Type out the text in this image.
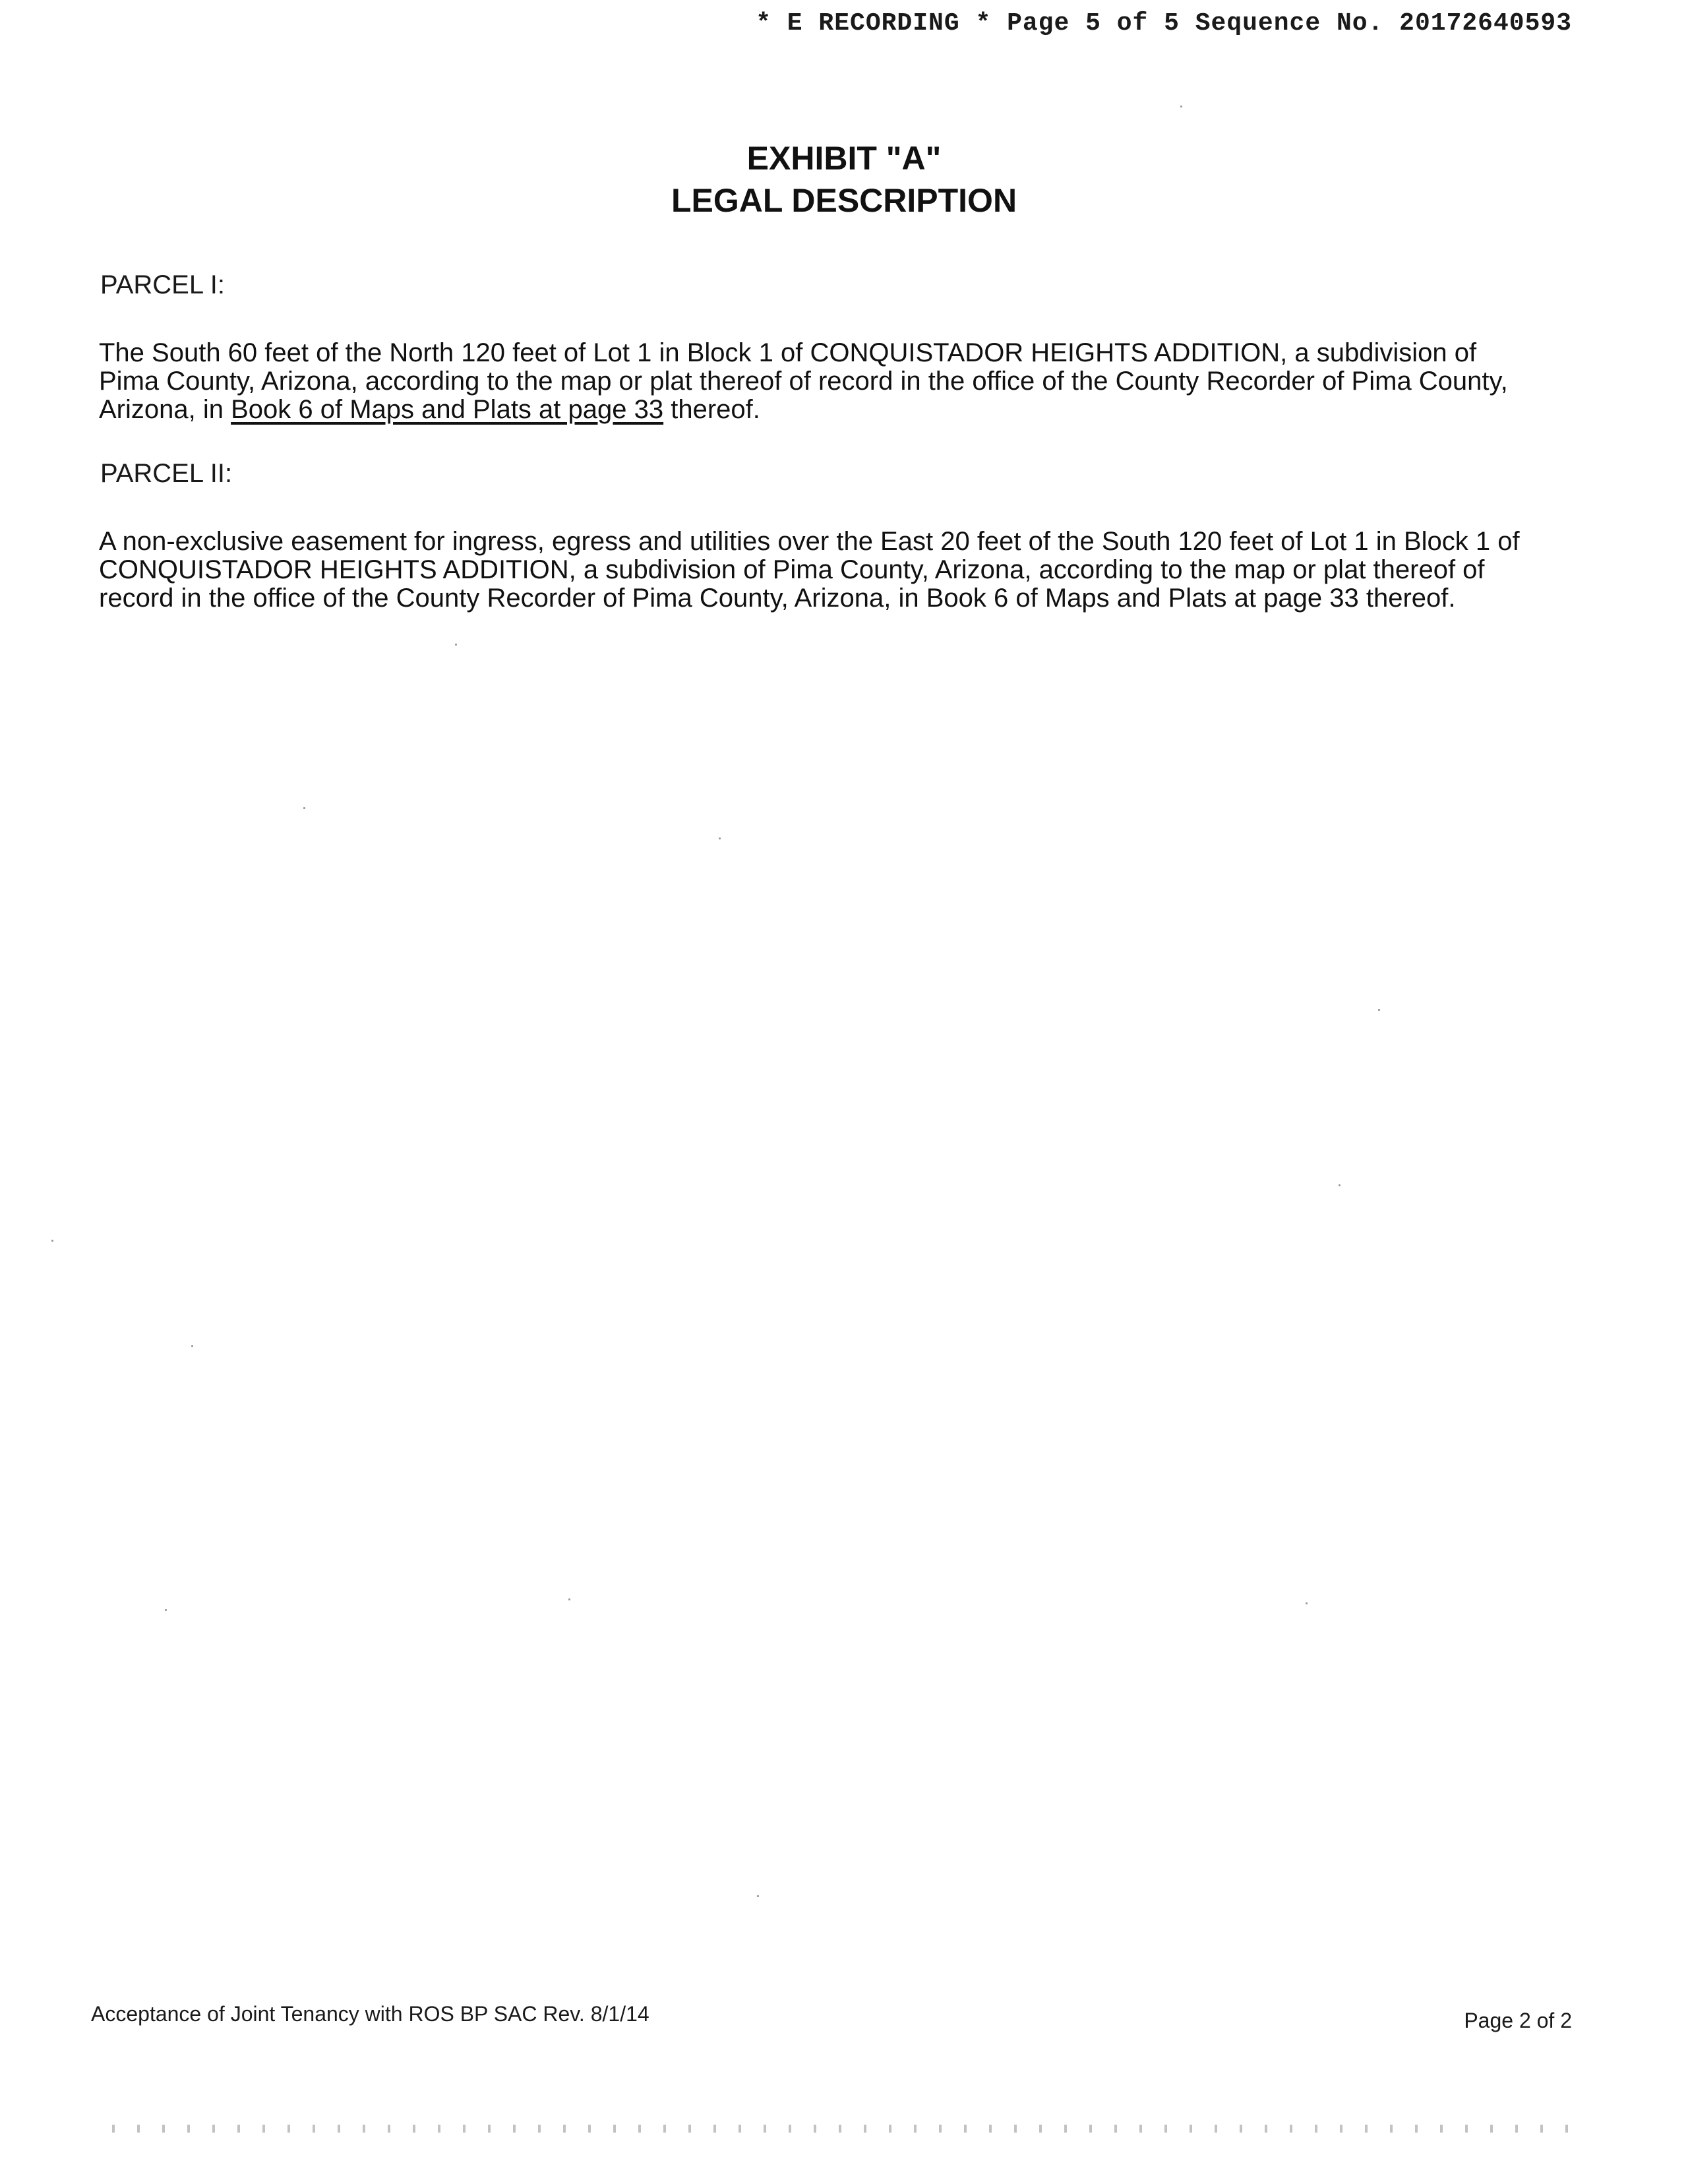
* E RECORDING * Page 5 of 5 Sequence No. 20172640593
EXHIBIT "A"
LEGAL DESCRIPTION
PARCEL I:
The South 60 feet of the North 120 feet of Lot 1 in Block 1 of CONQUISTADOR HEIGHTS ADDITION, a subdivision of
Pima County, Arizona, according to the map or plat thereof of record in the office of the County Recorder of Pima County,
Arizona, in Book 6 of Maps and Plats at page 33 thereof.
PARCEL II:
A non-exclusive easement for ingress, egress and utilities over the East 20 feet of the South 120 feet of Lot 1 in Block 1 of
CONQUISTADOR HEIGHTS ADDITION, a subdivision of Pima County, Arizona, according to the map or plat thereof of
record in the office of the County Recorder of Pima County, Arizona, in Book 6 of Maps and Plats at page 33 thereof.
Acceptance of Joint Tenancy with ROS BP SAC Rev. 8/1/14	Page 2 of 2
